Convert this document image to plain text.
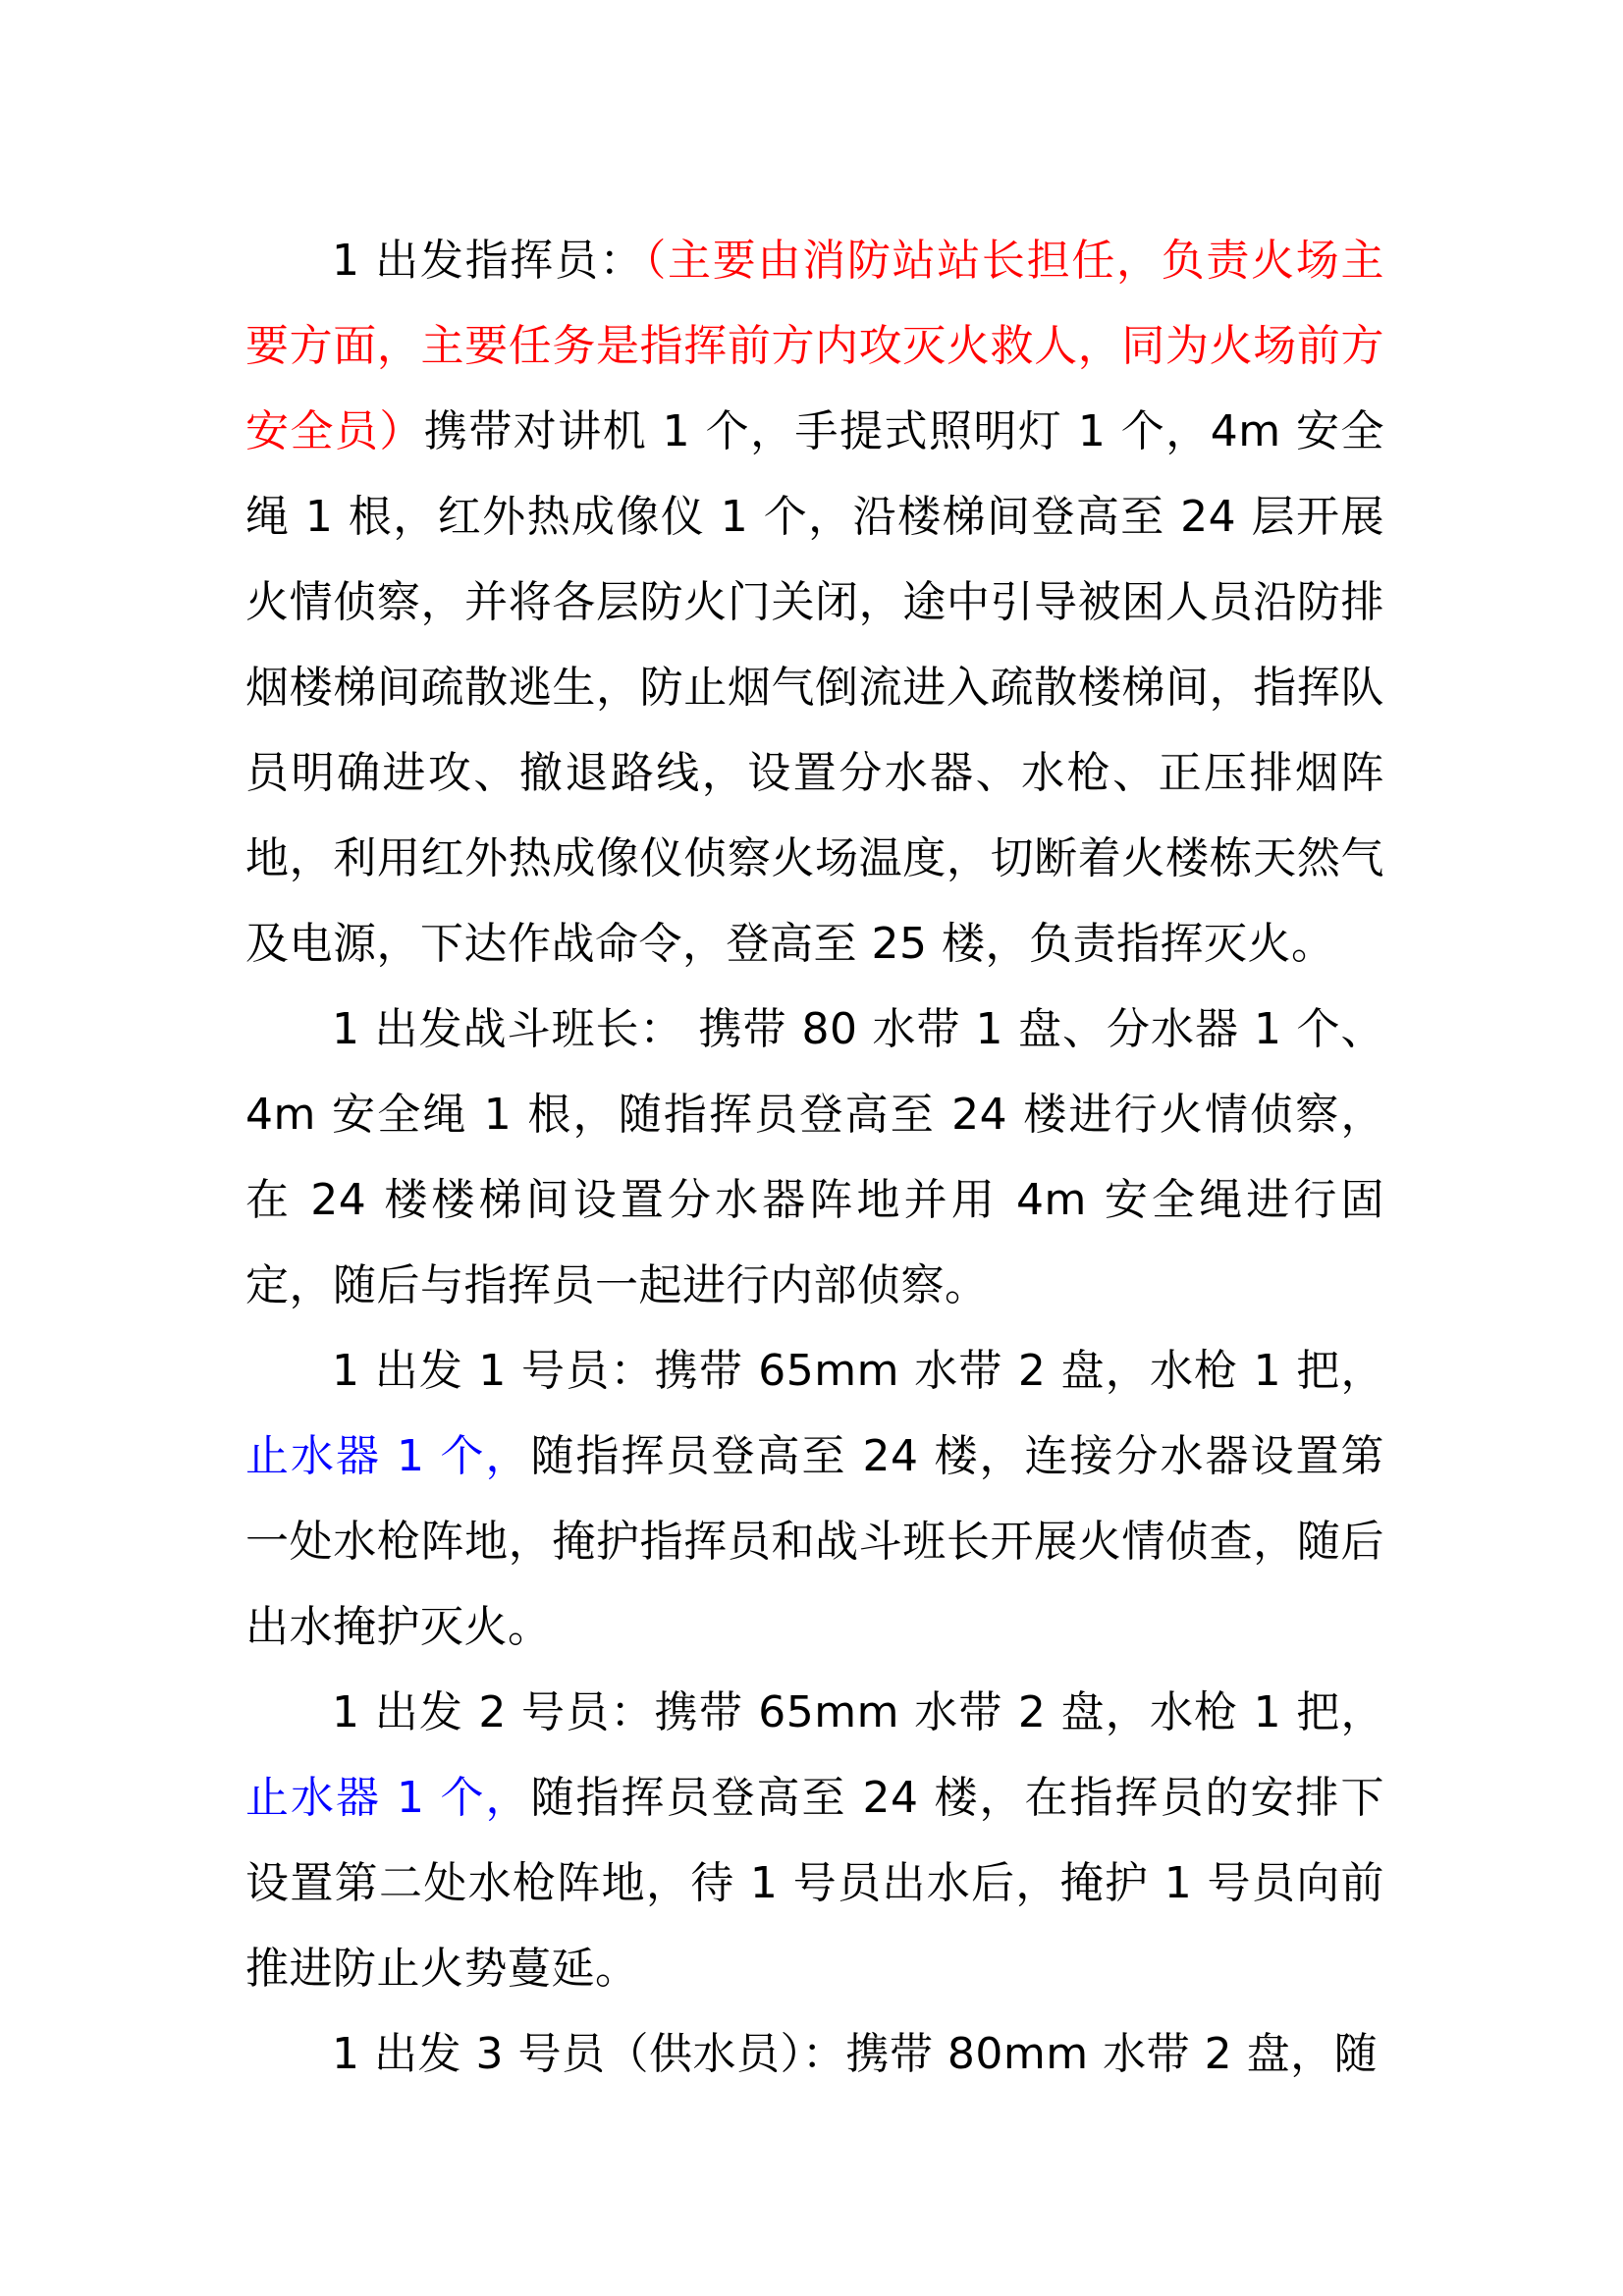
1 出发指挥员：（主要由消防站站长担任，负责火场主要方面，主要任务是指挥前方内攻灭火救人，同为火场前方安全员）携带对讲机 1 个，手提式照明灯 1 个，4m 安全绳 1 根，红外热成像仪 1 个，沿楼梯间登高至 24 层开展火情侦察，并将各层防火门关闭，途中引导被困人员沿防排烟楼梯间疏散逃生，防止烟气倒流进入疏散楼梯间，指挥队员明确进攻、撤退路线，设置分水器、水枪、正压排烟阵地，利用红外热成像仪侦察火场温度，切断着火楼栋天然气及电源，下达作战命令，登高至 25 楼，负责指挥灭火。

1 出发战斗班长： 携带 80 水带 1 盘、分水器 1 个、4m 安全绳 1 根，随指挥员登高至 24 楼进行火情侦察，在 24 楼楼梯间设置分水器阵地并用 4m 安全绳进行固定，随后与指挥员一起进行内部侦察。

1 出发 1 号员：携带 65mm 水带 2 盘，水枪 1 把，止水器 1 个，随指挥员登高至 24 楼，连接分水器设置第一处水枪阵地，掩护指挥员和战斗班长开展火情侦查，随后出水掩护灭火。

1 出发 2 号员：携带 65mm 水带 2 盘，水枪 1 把，止水器 1 个，随指挥员登高至 24 楼，在指挥员的安排下设置第二处水枪阵地，待 1 号员出水后，掩护 1 号员向前推进防止火势蔓延。

1 出发 3 号员（供水员）：携带 80mm 水带 2 盘，随
